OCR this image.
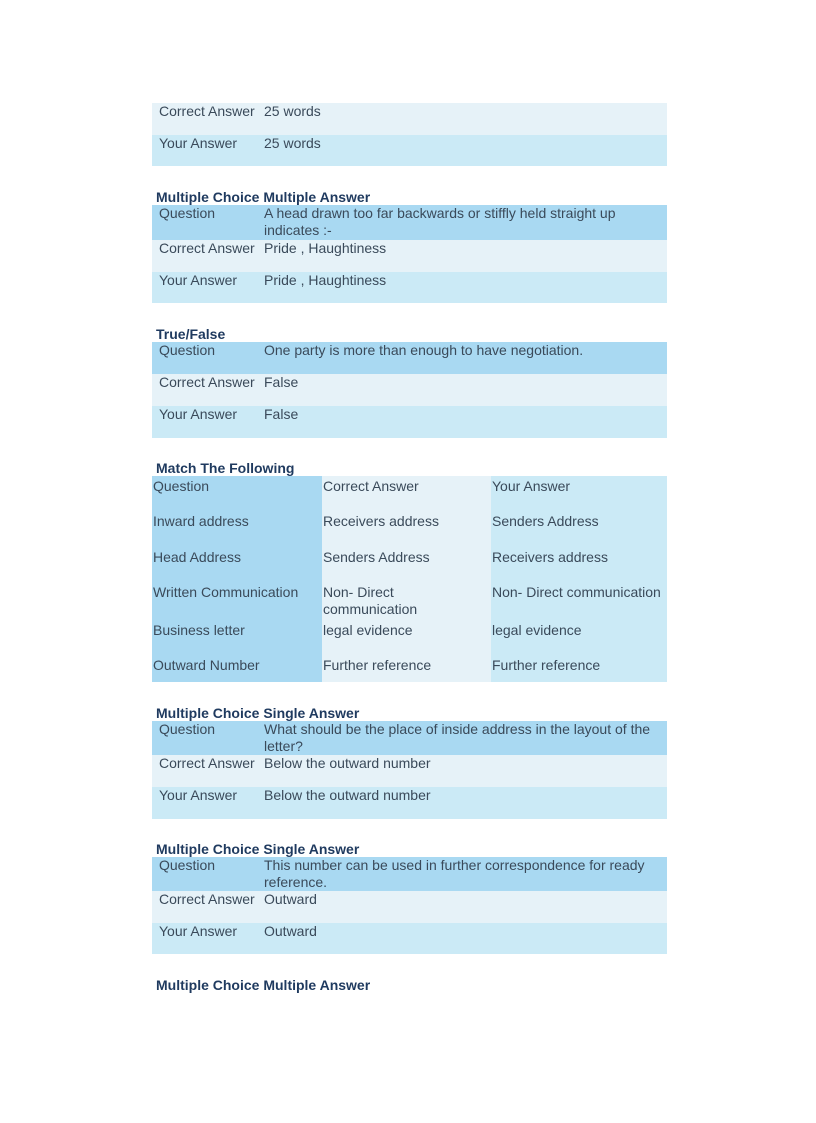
Correct Answer	25 words
Your Answer	25 words
Multiple Choice Multiple Answer
Question	A head drawn too far backwards or stiffly held straight up indicates :-
Correct Answer	Pride , Haughtiness
Your Answer	Pride , Haughtiness
True/False
Question	One party is more than enough to have negotiation.
Correct Answer	False
Your Answer	False
Match The Following
Question	Correct Answer	Your Answer
Inward address	Receivers address	Senders Address
Head Address	Senders Address	Receivers address
Written Communication	Non- Direct communication	Non- Direct communication
Business letter	legal evidence	legal evidence
Outward Number	Further reference	Further reference
Multiple Choice Single Answer
Question	What should be the place of inside address in the layout of the letter?
Correct Answer	Below the outward number
Your Answer	Below the outward number
Multiple Choice Single Answer
Question	This number can be used in further correspondence for ready reference.
Correct Answer	Outward
Your Answer	Outward
Multiple Choice Multiple Answer
